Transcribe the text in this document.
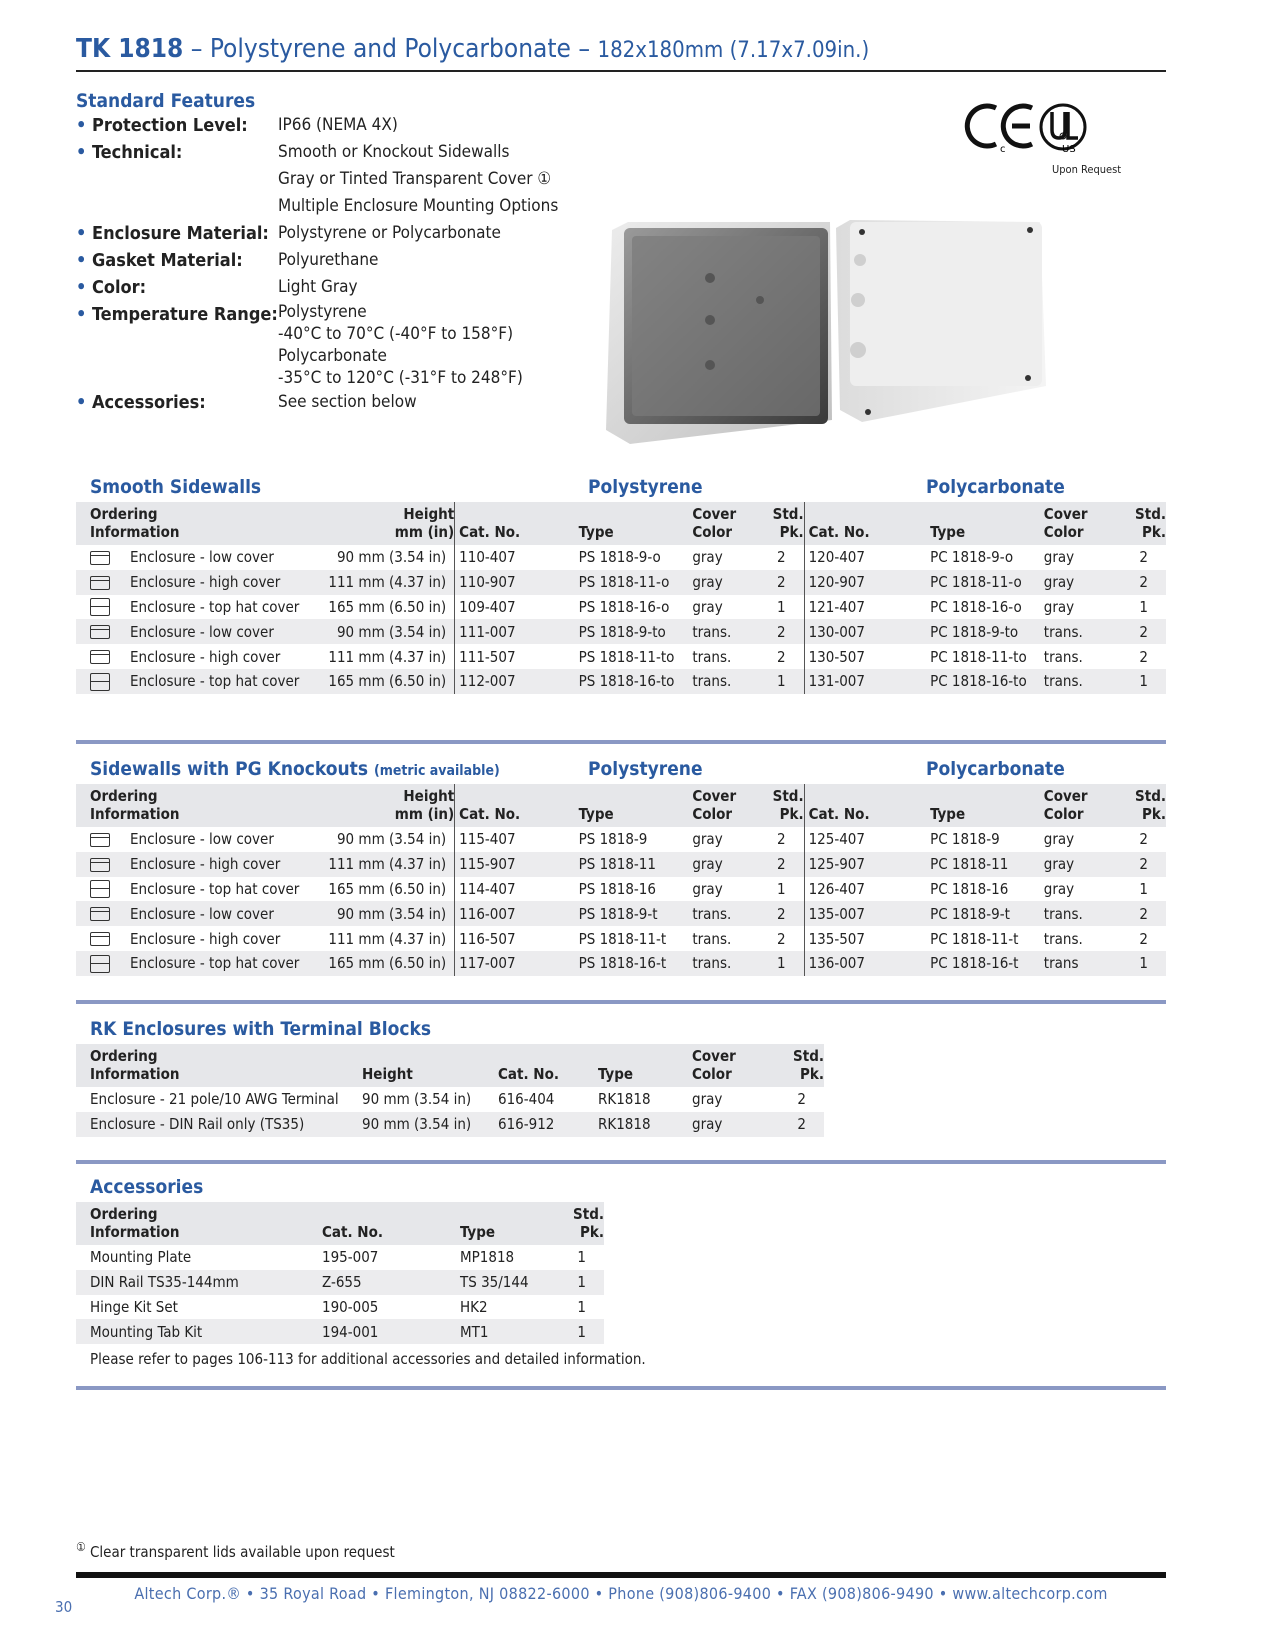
TK 1818 – Polystyrene and Polycarbonate – 182x180mm (7.17x7.09in.)
Standard Features
• Protection Level:	IP66 (NEMA 4X)
• Technical:	Smooth or Knockout Sidewalls
Gray or Tinted Transparent Cover ①
Multiple Enclosure Mounting Options
• Enclosure Material: Polystyrene or Polycarbonate
• Gasket Material:	Polyurethane
• Color:	Light Gray
• Temperature Range: Polystyrene
-40°C to 70°C (-40°F to 158°F)
Polycarbonate
-35°C to 120°C (-31°F to 248°F)
• Accessories:	See section below
c	US
Upon Request
Smooth Sidewalls	Polystyrene	Polycarbonate
Ordering
Information	Height
mm (in)	Cat. No.	Type	Cover
Color	Std.
Pk.	Cat. No.	Type	Cover
Color	Std.
Pk.
Enclosure - low cover	90 mm (3.54 in)	110-407	PS 1818-9-o	gray	2	120-407	PC 1818-9-o	gray	2
Enclosure - high cover	111 mm (4.37 in)	110-907	PS 1818-11-o	gray	2	120-907	PC 1818-11-o	gray	2
Enclosure - top hat cover	165 mm (6.50 in)	109-407	PS 1818-16-o	gray	1	121-407	PC 1818-16-o	gray	1
Enclosure - low cover	90 mm (3.54 in)	111-007	PS 1818-9-to	trans.	2	130-007	PC 1818-9-to	trans.	2
Enclosure - high cover	111 mm (4.37 in)	111-507	PS 1818-11-to	trans.	2	130-507	PC 1818-11-to	trans.	2
Enclosure - top hat cover	165 mm (6.50 in)	112-007	PS 1818-16-to	trans.	1	131-007	PC 1818-16-to	trans.	1
Sidewalls with PG Knockouts (metric available)	Polystyrene	Polycarbonate
Ordering
Information	Height
mm (in)	Cat. No.	Type	Cover
Color	Std.
Pk.	Cat. No.	Type	Cover
Color	Std.
Pk.
Enclosure - low cover	90 mm (3.54 in)	115-407	PS 1818-9	gray	2	125-407	PC 1818-9	gray	2
Enclosure - high cover	111 mm (4.37 in)	115-907	PS 1818-11	gray	2	125-907	PC 1818-11	gray	2
Enclosure - top hat cover	165 mm (6.50 in)	114-407	PS 1818-16	gray	1	126-407	PC 1818-16	gray	1
Enclosure - low cover	90 mm (3.54 in)	116-007	PS 1818-9-t	trans.	2	135-007	PC 1818-9-t	trans.	2
Enclosure - high cover	111 mm (4.37 in)	116-507	PS 1818-11-t	trans.	2	135-507	PC 1818-11-t	trans.	2
Enclosure - top hat cover	165 mm (6.50 in)	117-007	PS 1818-16-t	trans.	1	136-007	PC 1818-16-t	trans	1
RK Enclosures with Terminal Blocks
Ordering
Information	Height	Cat. No.	Type	Cover
Color	Std.
Pk.
Enclosure - 21 pole/10 AWG Terminal	90 mm (3.54 in)	616-404	RK1818	gray	2
Enclosure - DIN Rail only (TS35)	90 mm (3.54 in)	616-912	RK1818	gray	2
Accessories
Ordering
Information	Cat. No.	Type	Std.
Pk.
Mounting Plate	195-007	MP1818	1
DIN Rail TS35-144mm	Z-655	TS 35/144	1
Hinge Kit Set	190-005	HK2	1
Mounting Tab Kit	194-001	MT1	1
Please refer to pages 106-113 for additional accessories and detailed information.
① Clear transparent lids available upon request
Altech Corp.® • 35 Royal Road • Flemington, NJ 08822-6000 • Phone (908)806-9400 • FAX (908)806-9490 • www.altechcorp.com
30
